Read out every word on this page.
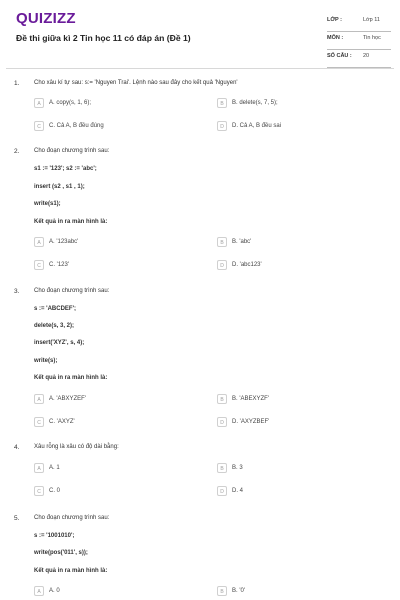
QUIZIZZ
Đề thi giữa kì 2 Tin học 11 có đáp án (Đề 1)
LỚP :	Lớp 11
MÔN :	Tin học
SỐ CÂU : 20
1. Cho xâu kí tự sau: s:= 'Nguyen Trai'. Lệnh nào sau đây cho kết quả 'Nguyen'
A	A. copy(s, 1, 6);	B	B. delete(s, 7, 5);
C	C. Cả A, B đều đúng	D	D. Cả A, B đều sai
2. Cho đoạn chương trình sau:
s1 := '123'; s2 := 'abc';
insert (s2 , s1 , 1);
write(s1);
Kết quả in ra màn hình là:
A	A. '123abc'	B	B. 'abc'
C	C. '123'	D	D. 'abc123'
3. Cho đoạn chương trình sau:
s := 'ABCDEF';
delete(s, 3, 2);
insert('XYZ', s, 4);
write(s);
Kết quả in ra màn hình là:
A	A. 'ABXYZEF'	B	B. 'ABEXYZF'
C	C. 'AXYZ'	D	D. 'AXYZBEF'
4. Xâu rỗng là xâu có độ dài bằng:
A	A. 1	B	B. 3
C	C. 0	D	D. 4
5. Cho đoạn chương trình sau:
s := '1001010';
write(pos('011', s));
Kết quả in ra màn hình là:
A	A. 0	B	B. '0'
